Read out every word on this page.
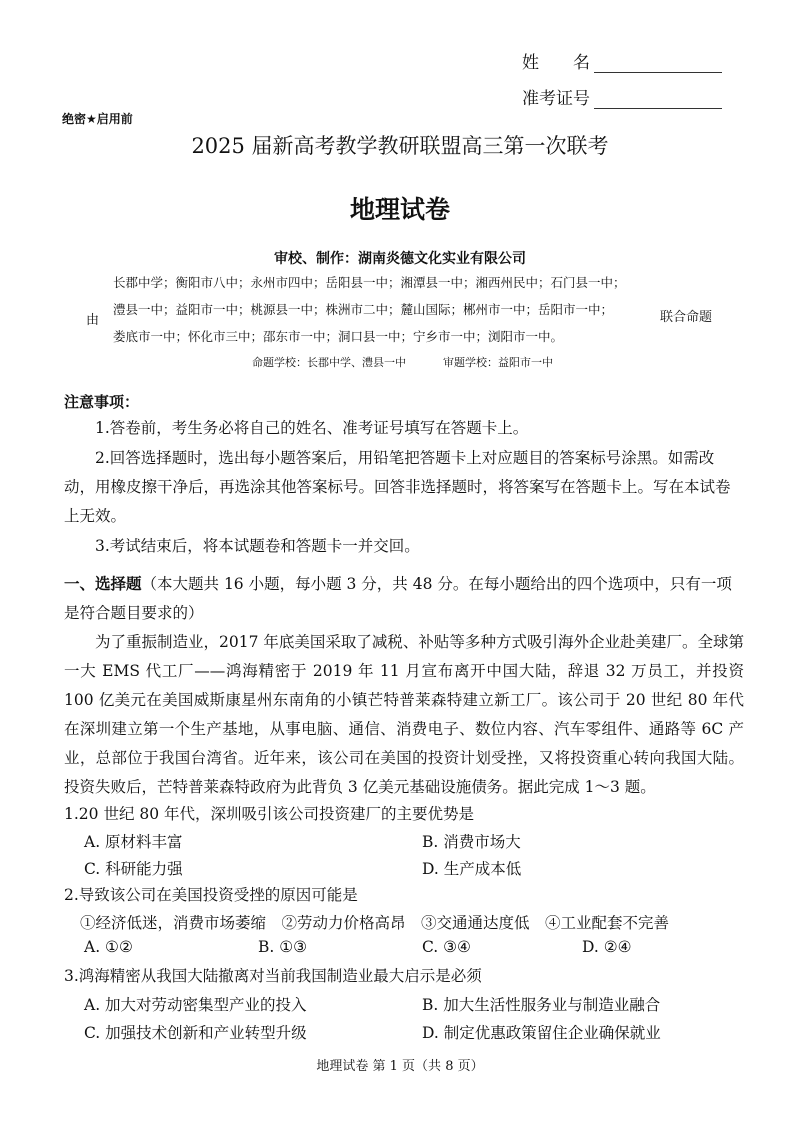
姓　　名
准考证号
绝密★启用前
2025 届新高考教学教研联盟高三第一次联考
地理试卷
审校、制作：湖南炎德文化实业有限公司
长郡中学；衡阳市八中；永州市四中；岳阳县一中；湘潭县一中；湘西州民中；石门县一中；
由
澧县一中；益阳市一中；桃源县一中；株洲市二中；麓山国际；郴州市一中；岳阳市一中；
联合命题
娄底市一中；怀化市三中；邵东市一中；洞口县一中；宁乡市一中；浏阳市一中。
命题学校：长郡中学、澧县一中	审题学校：益阳市一中
注意事项：
1.答卷前，考生务必将自己的姓名、准考证号填写在答题卡上。
2.回答选择题时，选出每小题答案后，用铅笔把答题卡上对应题目的答案标号涂黑。如需改动，用橡皮擦干净后，再选涂其他答案标号。回答非选择题时，将答案写在答题卡上。写在本试卷上无效。
3.考试结束后，将本试题卷和答题卡一并交回。
一、选择题（本大题共 16 小题，每小题 3 分，共 48 分。在每小题给出的四个选项中，只有一项是符合题目要求的）
为了重振制造业，2017 年底美国采取了减税、补贴等多种方式吸引海外企业赴美建厂。全球第一大 EMS 代工厂——鸿海精密于 2019 年 11 月宣布离开中国大陆，辞退 32 万员工，并投资 100 亿美元在美国威斯康星州东南角的小镇芒特普莱森特建立新工厂。该公司于 20 世纪 80 年代在深圳建立第一个生产基地，从事电脑、通信、消费电子、数位内容、汽车零组件、通路等 6C 产业，总部位于我国台湾省。近年来，该公司在美国的投资计划受挫，又将投资重心转向我国大陆。投资失败后，芒特普莱森特政府为此背负 3 亿美元基础设施债务。据此完成 1～3 题。
1.20 世纪 80 年代，深圳吸引该公司投资建厂的主要优势是
A. 原材料丰富	B. 消费市场大
C. 科研能力强	D. 生产成本低
2.导致该公司在美国投资受挫的原因可能是
①经济低迷，消费市场萎缩　②劳动力价格高昂　③交通通达度低　④工业配套不完善
A. ①②	B. ①③	C. ③④	D. ②④
3.鸿海精密从我国大陆撤离对当前我国制造业最大启示是必须
A. 加大对劳动密集型产业的投入	B. 加大生活性服务业与制造业融合
C. 加强技术创新和产业转型升级	D. 制定优惠政策留住企业确保就业
地理试卷 第 1 页（共 8 页）
